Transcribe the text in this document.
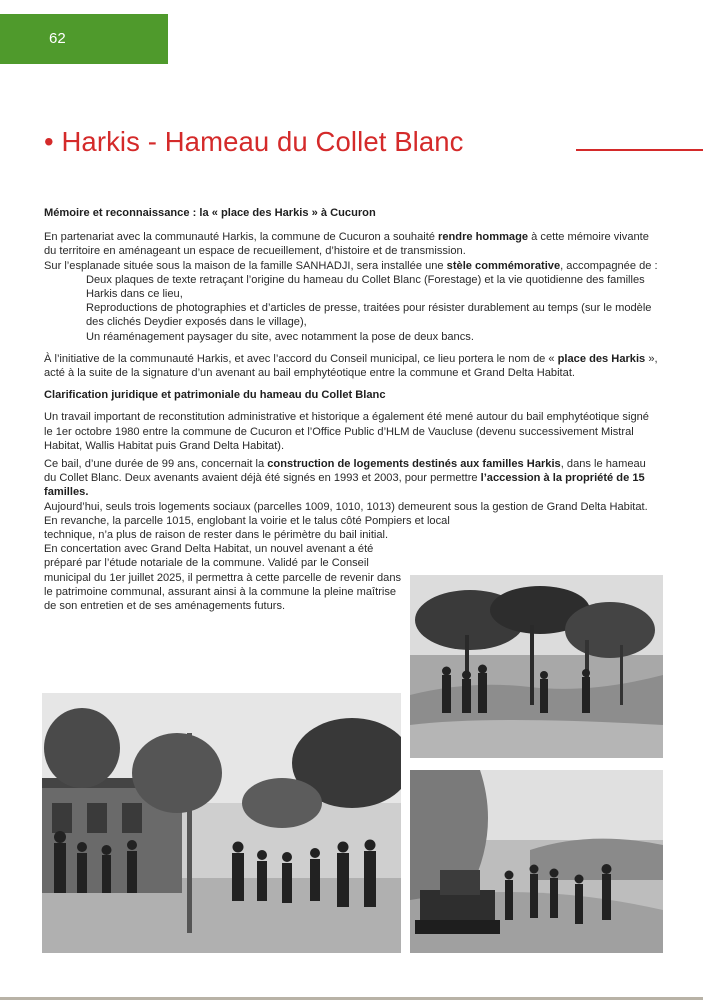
62
• Harkis - Hameau du Collet Blanc

Mémoire et reconnaissance : la « place des Harkis » à Cucuron

En partenariat avec la communauté Harkis, la commune de Cucuron a souhaité rendre hommage à cette mémoire vivante du territoire en aménageant un espace de recueillement, d’histoire et de transmission.

Sur l’esplanade située sous la maison de la famille SANHADJI, sera installée une stèle commémorative, accompagnée de :

Deux plaques de texte retraçant l’origine du hameau du Collet Blanc (Forestage) et la vie quotidienne des familles Harkis dans ce lieu,

Reproductions de photographies et d’articles de presse, traitées pour résister durablement au temps (sur le modèle des clichés Deydier exposés dans le village),

Un réaménagement paysager du site, avec notamment la pose de deux bancs.

À l’initiative de la communauté Harkis, et avec l’accord du Conseil municipal, ce lieu portera le nom de « place des Harkis », acté à la suite de la signature d’un avenant au bail emphytéotique entre la commune et Grand Delta Habitat.

Clarification juridique et patrimoniale du hameau du Collet Blanc

Un travail important de reconstitution administrative et historique a également été mené autour du bail emphytéotique signé le 1er octobre 1980 entre la commune de Cucuron et l’Office Public d’HLM de Vaucluse (devenu successivement Mistral Habitat, Wallis Habitat puis Grand Delta Habitat).

Ce bail, d’une durée de 99 ans, concernait la construction de logements destinés aux familles Harkis, dans le hameau du Collet Blanc. Deux avenants avaient déjà été signés en 1993 et 2003, pour permettre l’accession à la propriété de 15 familles.

Aujourd’hui, seuls trois logements sociaux (parcelles 1009, 1010, 1013) demeurent sous la gestion de Grand Delta Habitat. En revanche, la parcelle 1015, englobant la voirie et le talus côté Pompiers et local

technique, n’a plus de raison de rester dans le périmètre du bail initial.

En concertation avec Grand Delta Habitat, un nouvel avenant a été préparé par l’étude notariale de la commune. Validé par le Conseil municipal du 1er juillet 2025, il permettra à cette parcelle de revenir dans le patrimoine communal, assurant ainsi à la commune la pleine maîtrise de son entretien et de ses aménagements futurs.
